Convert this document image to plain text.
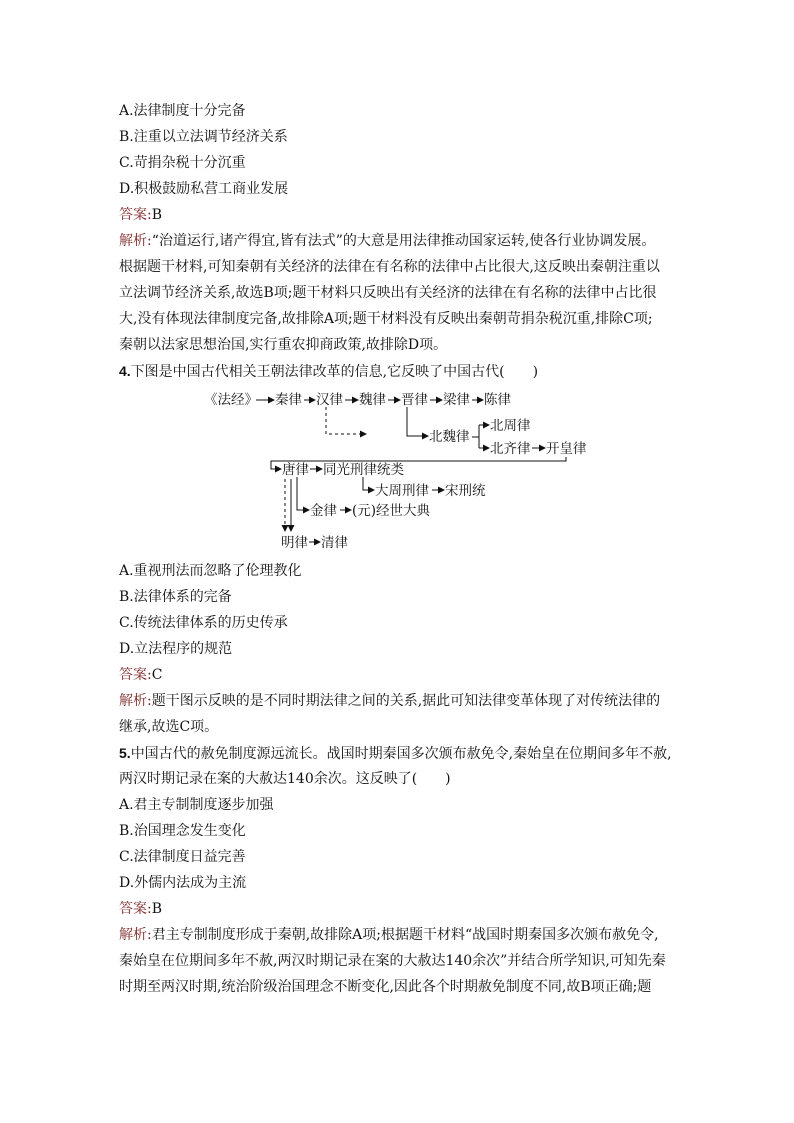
A.法律制度十分完备
B.注重以立法调节经济关系
C.苛捐杂税十分沉重
D.积极鼓励私营工商业发展
答案:B
解析:“治道运行,诸产得宜,皆有法式”的大意是用法律推动国家运转,使各行业协调发展。
根据题干材料,可知秦朝有关经济的法律在有名称的法律中占比很大,这反映出秦朝注重以
立法调节经济关系,故选B项;题干材料只反映出有关经济的法律在有名称的法律中占比很
大,没有体现法律制度完备,故排除A项;题干材料没有反映出秦朝苛捐杂税沉重,排除C项;
秦朝以法家思想治国,实行重农抑商政策,故排除D项。
4.下图是中国古代相关王朝法律改革的信息,它反映了中国古代(　　)
《法经》 秦律 汉律 魏律 晋律 梁律 陈律
北魏律
北周律
北齐律 开皇律
唐律 同光刑律统类
大周刑律 宋刑统
金律 (元)经世大典
明律 清律
A.重视刑法而忽略了伦理教化
B.法律体系的完备
C.传统法律体系的历史传承
D.立法程序的规范
答案:C
解析:题干图示反映的是不同时期法律之间的关系,据此可知法律变革体现了对传统法律的
继承,故选C项。
5.中国古代的赦免制度源远流长。战国时期秦国多次颁布赦免令,秦始皇在位期间多年不赦,
两汉时期记录在案的大赦达140余次。这反映了(　　)
A.君主专制制度逐步加强
B.治国理念发生变化
C.法律制度日益完善
D.外儒内法成为主流
答案:B
解析:君主专制制度形成于秦朝,故排除A项;根据题干材料“战国时期秦国多次颁布赦免令,
秦始皇在位期间多年不赦,两汉时期记录在案的大赦达140余次”并结合所学知识,可知先秦
时期至两汉时期,统治阶级治国理念不断变化,因此各个时期赦免制度不同,故B项正确;题
